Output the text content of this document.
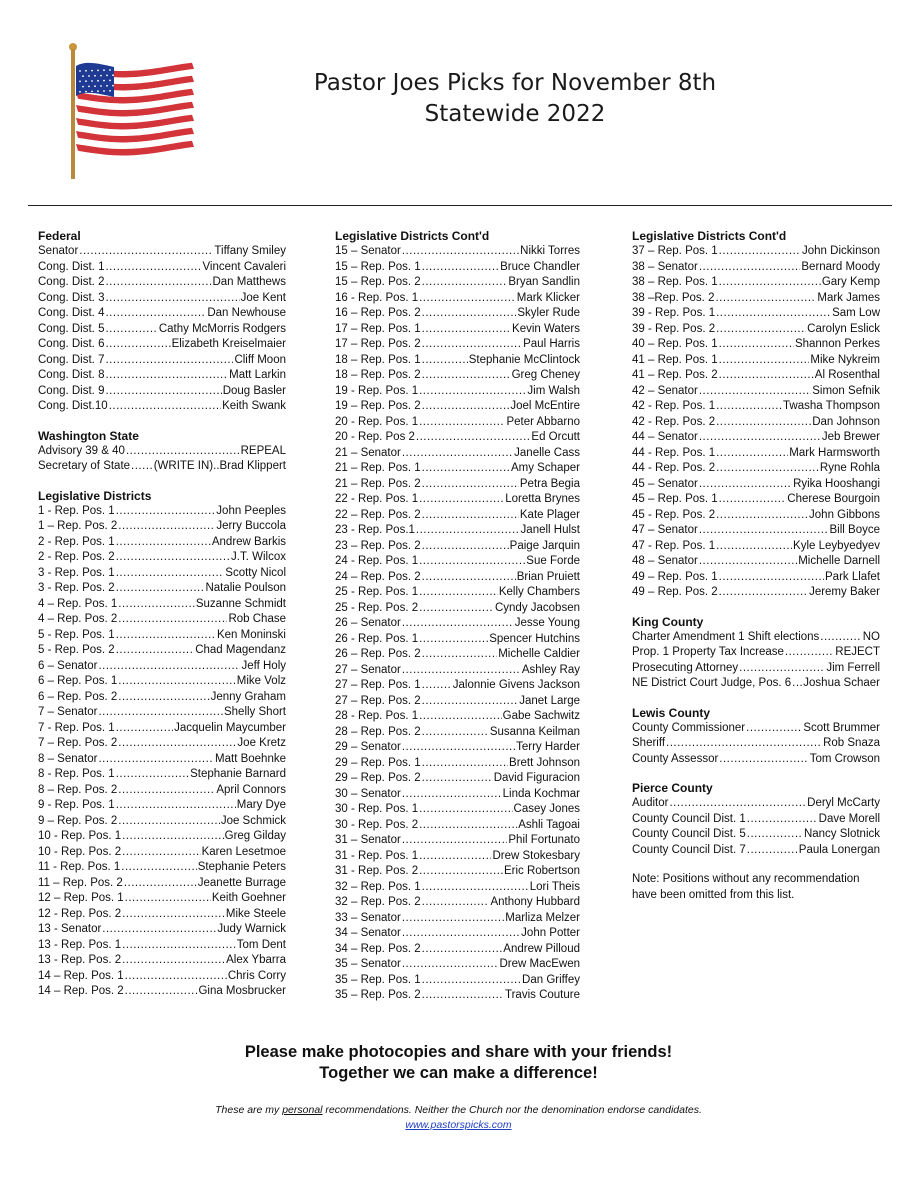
Pastor Joes Picks for November 8th
Statewide 2022
Federal
Senator .....	Tiffany Smiley
Cong. Dist. 1 .....	Vincent Cavaleri
Cong. Dist. 2 .....	Dan Matthews
Cong. Dist. 3 .....	Joe Kent
Cong. Dist. 4 .....	Dan Newhouse
Cong. Dist. 5 .....	Cathy McMorris Rodgers
Cong. Dist. 6 .....	Elizabeth Kreiselmaier
Cong. Dist. 7 .....	Cliff Moon
Cong. Dist. 8 .....	Matt Larkin
Cong. Dist. 9 .....	Doug Basler
Cong. Dist.10 .....	Keith Swank
Washington State
Advisory 39 & 40 .....	REPEAL
Secretary of State ..... (WRITE IN)..Brad Klippert
Legislative Districts
1 - Rep. Pos. 1 .....	John Peeples
1 – Rep. Pos. 2 .....	Jerry Buccola
2 - Rep. Pos. 1 .....	Andrew Barkis
2 - Rep. Pos. 2 .....	J.T. Wilcox
3 - Rep. Pos. 1 .....	Scotty Nicol
3 - Rep. Pos. 2 .....	Natalie Poulson
4 – Rep. Pos. 1 .....	Suzanne Schmidt
4 – Rep. Pos. 2 .....	Rob Chase
5 - Rep. Pos. 1 .....	Ken Moninski
5 - Rep. Pos. 2 .....	Chad Magendanz
6 – Senator .....	Jeff Holy
6 – Rep. Pos. 1 .....	Mike Volz
6 – Rep. Pos. 2 .....	Jenny Graham
7 – Senator .....	Shelly Short
7 - Rep. Pos. 1 .....	Jacquelin Maycumber
7 – Rep. Pos. 2 .....	Joe Kretz
8 – Senator .....	Matt Boehnke
8 - Rep. Pos. 1 .....	Stephanie Barnard
8 – Rep. Pos. 2 .....	April Connors
9 - Rep. Pos. 1 .....	Mary Dye
9 – Rep. Pos. 2 .....	Joe Schmick
10 - Rep. Pos. 1 .....	Greg Gilday
10 - Rep. Pos. 2 .....	Karen Lesetmoe
11 - Rep. Pos. 1 .....	Stephanie Peters
11 – Rep. Pos. 2 .....	Jeanette Burrage
12 – Rep. Pos. 1 .....	Keith Goehner
12 - Rep. Pos. 2 .....	Mike Steele
13 - Senator .....	Judy Warnick
13 - Rep. Pos. 1 .....	Tom Dent
13 - Rep. Pos. 2 .....	Alex Ybarra
14 – Rep. Pos. 1 .....	Chris Corry
14 – Rep. Pos. 2 .....	Gina Mosbrucker
Legislative Districts Cont'd
15 – Senator .....	Nikki Torres
15 – Rep. Pos. 1 .....	Bruce Chandler
15 – Rep. Pos. 2 .....	Bryan Sandlin
16 - Rep. Pos. 1 .....	Mark Klicker
16 – Rep. Pos. 2 .....	Skyler Rude
17 – Rep. Pos. 1 .....	Kevin Waters
17 – Rep. Pos. 2 .....	Paul Harris
18 – Rep. Pos. 1 .....	Stephanie McClintock
18 – Rep. Pos. 2 .....	Greg Cheney
19 - Rep. Pos. 1 .....	Jim Walsh
19 – Rep. Pos. 2 .....	Joel McEntire
20 - Rep. Pos. 1 .....	Peter Abbarno
20 - Rep. Pos 2 .....	Ed Orcutt
21 – Senator .....	Janelle Cass
21 – Rep. Pos. 1 .....	Amy Schaper
21 – Rep. Pos. 2 .....	Petra Begia
22 - Rep. Pos. 1 .....	Loretta Brynes
22 – Rep. Pos. 2 .....	Kate Plager
23 - Rep. Pos.1 .....	Janell Hulst
23 – Rep. Pos. 2 .....	Paige Jarquin
24 - Rep. Pos. 1 .....	Sue Forde
24 – Rep. Pos. 2 .....	Brian Pruiett
25 - Rep. Pos. 1 .....	Kelly Chambers
25 - Rep. Pos. 2 .....	Cyndy Jacobsen
26 – Senator .....	Jesse Young
26 - Rep. Pos. 1 .....	Spencer Hutchins
26 – Rep. Pos. 2 .....	Michelle Caldier
27 – Senator .....	Ashley Ray
27 – Rep. Pos. 1 .....	Jalonnie Givens Jackson
27 – Rep. Pos. 2 .....	Janet Large
28 - Rep. Pos. 1 .....	Gabe Sachwitz
28 – Rep. Pos. 2 .....	Susanna Keilman
29 – Senator .....	Terry Harder
29 – Rep. Pos. 1 .....	Brett Johnson
29 – Rep. Pos. 2 .....	David Figuracion
30 – Senator .....	Linda Kochmar
30 - Rep. Pos. 1 .....	Casey Jones
30 - Rep. Pos. 2 .....	Ashli Tagoai
31 – Senator .....	Phil Fortunato
31 - Rep. Pos. 1 .....	Drew Stokesbary
31 - Rep. Pos. 2 .....	Eric Robertson
32 – Rep. Pos. 1 .....	Lori Theis
32 – Rep. Pos. 2 .....	Anthony Hubbard
33 – Senator .....	Marliza Melzer
34 – Senator .....	John Potter
34 – Rep. Pos. 2 .....	Andrew Pilloud
35 – Senator .....	Drew MacEwen
35 – Rep. Pos. 1 .....	Dan Griffey
35 – Rep. Pos. 2 .....	Travis Couture
Legislative Districts Cont'd
37 – Rep. Pos. 1 .....	John Dickinson
38 – Senator .....	Bernard Moody
38 – Rep. Pos. 1 .....	Gary Kemp
38 –Rep. Pos. 2 .....	Mark James
39 - Rep. Pos. 1 .....	Sam Low
39 - Rep. Pos. 2 .....	Carolyn Eslick
40 – Rep. Pos. 1 .....	Shannon Perkes
41 – Rep. Pos. 1 .....	Mike Nykreim
41 – Rep. Pos. 2 .....	Al Rosenthal
42 – Senator .....	Simon Sefnik
42 - Rep. Pos. 1 .....	Twasha Thompson
42 - Rep. Pos. 2 .....	Dan Johnson
44 – Senator .....	Jeb Brewer
44 - Rep. Pos. 1 .....	Mark Harmsworth
44 - Rep. Pos. 2 .....	Ryne Rohla
45 – Senator .....	Ryika Hooshangi
45 – Rep. Pos. 1 .....	Cherese Bourgoin
45 - Rep. Pos. 2 .....	John Gibbons
47 – Senator .....	Bill Boyce
47 - Rep. Pos. 1 .....	Kyle Leybyedyev
48 – Senator .....	Michelle Darnell
49 – Rep. Pos. 1 .....	Park Llafet
49 – Rep. Pos. 2 .....	Jeremy Baker
King County
Charter Amendment 1 Shift elections .....	NO
Prop. 1 Property Tax Increase .....	REJECT
Prosecuting Attorney .....	Jim Ferrell
NE District Court Judge, Pos. 6 ..... Joshua Schaer
Lewis County
County Commissioner .....	Scott Brummer
Sheriff .....	Rob Snaza
County Assessor .....	Tom Crowson
Pierce County
Auditor .....	Deryl McCarty
County Council Dist. 1 .....	Dave Morell
County Council Dist. 5 .....	Nancy Slotnick
County Council Dist. 7 .....	Paula Lonergan
Note: Positions without any recommendation have been omitted from this list.
Please make photocopies and share with your friends!
Together we can make a difference!
These are my personal recommendations. Neither the Church nor the denomination endorse candidates.
www.pastorspicks.com
